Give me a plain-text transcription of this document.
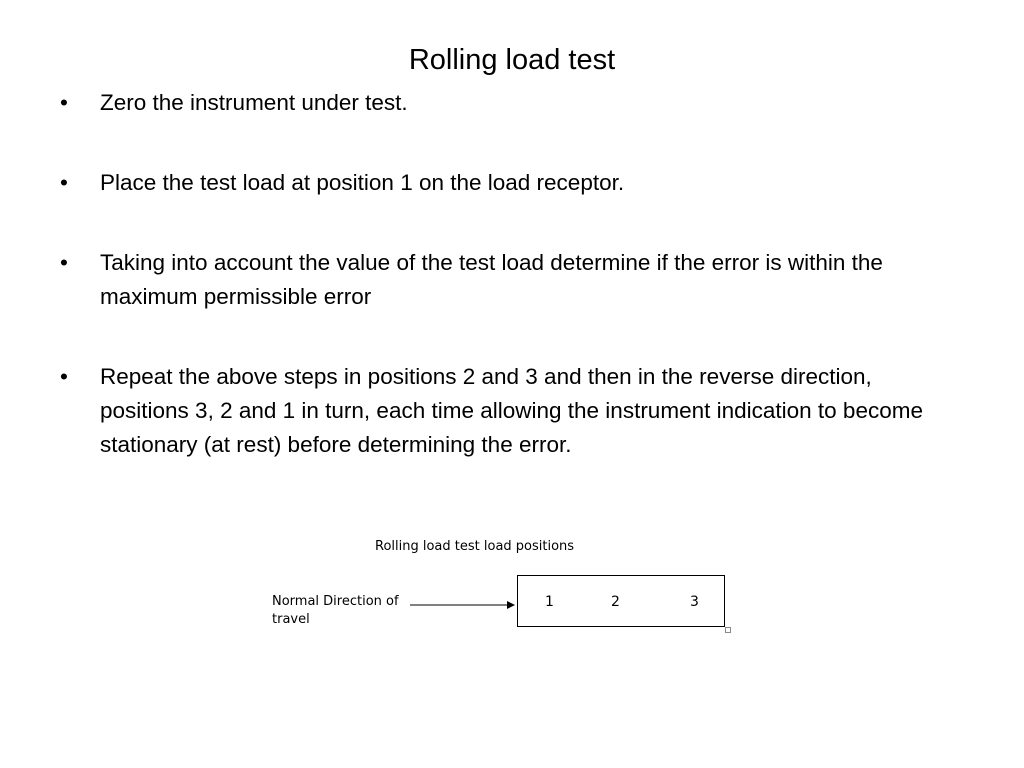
Rolling load test
•	Zero the instrument under test.
•	Place the test load at position 1 on the load receptor.
•	Taking into account the value of the test load determine if the error is within the maximum permissible error
•	Repeat the above steps in positions 2 and 3 and then in the reverse direction, positions 3, 2 and 1 in turn, each time allowing the instrument indication to become stationary (at rest) before determining the error.
Rolling load test load positions
Normal Direction of
travel
1	2	3
